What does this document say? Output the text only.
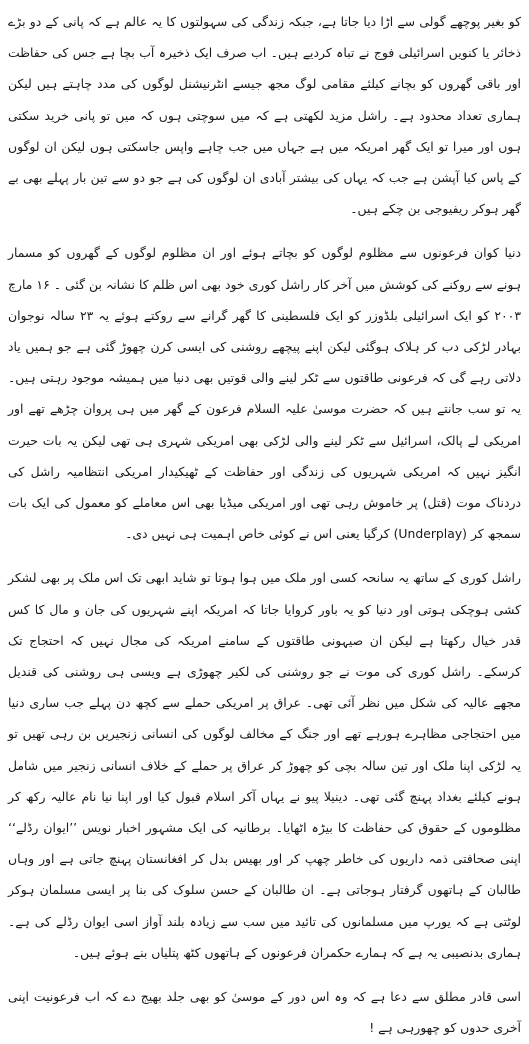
کو بغیر پوچھے گولی سے اڑا دیا جاتا ہے، جبکہ زندگی کی سہولتوں کا یہ عالم ہے کہ پانی کے دو بڑے ذخائر یا کنویں اسرائیلی فوج نے تباہ کردیے ہیں۔ اب صرف ایک ذخیرہ آب بچا ہے جس کی حفاظت اور باقی گھروں کو بچانے کیلئے مقامی لوگ مجھ جیسے انٹرنیشنل لوگوں کی مدد چاہتے ہیں لیکن ہماری تعداد محدود ہے۔ راشل مزید لکھتی ہے کہ میں سوچتی ہوں کہ میں تو پانی خرید سکتی ہوں اور میرا تو ایک گھر امریکہ میں ہے جہاں میں جب چاہے واپس جاسکتی ہوں لیکن ان لوگوں کے پاس کیا آپشن ہے جب کہ یہاں کی بیشتر آبادی ان لوگوں کی ہے جو دو سے تین بار پہلے بھی بے گھر ہوکر ریفیوجی بن چکے ہیں۔

دنیا کوان فرعونوں سے مظلوم لوگوں کو بچاتے ہوئے اور ان مظلوم لوگوں کے گھروں کو مسمار ہونے سے روکنے کی کوشش میں آخر کار راشل کوری خود بھی اس ظلم کا نشانہ بن گئی ۔ ۱۶ مارچ ۲۰۰۳ کو ایک اسرائیلی بلڈوزر کو ایک فلسطینی کا گھر گرانے سے روکتے ہوئے یہ ۲۳ سالہ نوجوان بہادر لڑکی دب کر ہلاک ہوگئی لیکن اپنے پیچھے روشنی کی ایسی کرن چھوڑ گئی ہے جو ہمیں یاد دلاتی رہے گی کہ فرعونی طاقتوں سے ٹکر لینے والی قوتیں بھی دنیا میں ہمیشہ موجود رہتی ہیں۔ یہ تو سب جانتے ہیں کہ حضرت موسیٰ علیہ السلام فرعون کے گھر میں ہی پروان چڑھے تھے اور امریکی لے پالک، اسرائیل سے ٹکر لینے والی لڑکی بھی امریکی شہری ہی تھی لیکن یہ بات حیرت انگیز نہیں کہ امریکی شہریوں کی زندگی اور حفاظت کے ٹھیکیدار امریکی انتظامیہ راشل کی دردناک موت (قتل) پر خاموش رہی تھی اور امریکی میڈیا بھی اس معاملے کو معمول کی ایک بات سمجھ کر (Underplay) کرگیا یعنی اس نے کوئی خاص اہمیت ہی نہیں دی۔

راشل کوری کے ساتھ یہ سانحہ کسی اور ملک میں ہوا ہوتا تو شاید ابھی تک اس ملک پر بھی لشکر کشی ہوچکی ہوتی اور دنیا کو یہ باور کروایا جاتا کہ امریکہ اپنے شہریوں کی جان و مال کا کس قدر خیال رکھتا ہے لیکن ان صیہونی طاقتوں کے سامنے امریکہ کی مجال نہیں کہ احتجاج تک کرسکے۔ راشل کوری کی موت نے جو روشنی کی لکیر چھوڑی ہے ویسی ہی روشنی کی قندیل مجھے عالیہ کی شکل میں نظر آئی تھی۔ عراق پر امریکی حملے سے کچھ دن پہلے جب ساری دنیا میں احتجاجی مظاہرے ہورہے تھے اور جنگ کے مخالف لوگوں کی انسانی زنجیریں بن رہی تھیں تو یہ لڑکی اپنا ملک اور تین سالہ بچی کو چھوڑ کر عراق پر حملے کے خلاف انسانی زنجیر میں شامل ہونے کیلئے بغداد پہنچ گئی تھی۔ دینیلا پیو نے یہاں آکر اسلام قبول کیا اور اپنا نیا نام عالیہ رکھ کر مظلوموں کے حقوق کی حفاظت کا بیڑہ اٹھایا۔ برطانیہ کی ایک مشہور اخبار نویس ’’ایوان رڈلے‘‘ اپنی صحافتی ذمہ داریوں کی خاطر چھپ کر اور بھیس بدل کر افغانستان پہنچ جاتی ہے اور وہاں طالبان کے ہاتھوں گرفتار ہوجاتی ہے۔ ان طالبان کے حسن سلوک کی بنا پر ایسی مسلمان ہوکر لوٹتی ہے کہ یورپ میں مسلمانوں کی تائید میں سب سے زیادہ بلند آواز اسی ایوان رڈلے کی ہے۔ ہماری بدنصیبی یہ ہے کہ ہمارے حکمران فرعونوں کے ہاتھوں کٹھ پتلیاں بنے ہوئے ہیں۔

اسی قادر مطلق سے دعا ہے کہ وہ اس دور کے موسیٰ کو بھی جلد بھیج دے کہ اب فرعونیت اپنی آخری حدوں کو چھورہی ہے !
